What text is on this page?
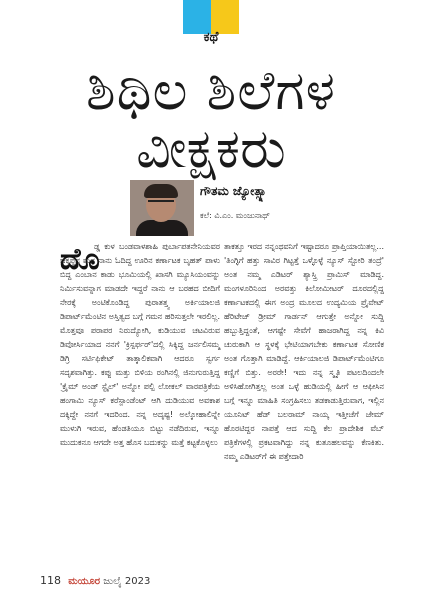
ಕಥೆ
ಶಿಥಿಲ ಶಿಲೆಗಳ
ವೀಕ್ಷಕರು
ಗೌತಮ ಜ್ಯೋತ್ಸ್ನಾ
ಕಲೆ: ವಿ.ಎಂ. ಮಂಜುನಾಥ್
ದೊ

ಡ್ಡ ಕುಳ ಬಂಡವಾಳಶಾಹಿ ಪುರ್ಬಾಪತನೇನಿಯವರ ಚಿಕ್ಕಪ್ಪನ ಮಗ ನಾನು ಓದಿದ್ದ ಊರಿನ ಕರ್ಣಾಟಕ ಬೃಹತ್ ಪಾಳು ಬಿದ್ದ ಎಂಬಾನ ಕಾಡು ಭೂಮಿಯಲ್ಲಿ ಖಾಸಗಿ ಮ್ಯೂಸಿಯಂವನ್ನು ನಿರ್ಮಿಸುವನ್ನಾಗ ಮಾಡದೇ ಇದ್ದರೆ ನಾನು ಆ ಬರಹದ ಬೀದಿಗೆ ನೇರಕ್ಕೆ ಅಂಟಿಕೊಂಡಿದ್ದ ಪುರಾತತ್ತ್ವ ಅರ್ಕಿಯಾಲಜಿ ಡಿಪಾರ್ಟ್‌ಮೆಂಟಿನ ಅಸ್ತಿತ್ವದ ಬಗ್ಗೆ ಗಮನ ಹರಿಸುತ್ತಲೇ ಇರಲಿಲ್ಲ. ಮೊತ್ತವೂ ಪರಾಪರ ನಿರುದ್ಯೋಗಿ, ಕುಡಿಯುವ ಚಟವಿರುವ ಡಿವೋರ್ಸಿಯಾದ ನನಗೆ 'ಕ್ರಿಸ್ಪರ್ಫರ್'ದಲ್ಲಿ ಸಿಕ್ಕಿದ್ದ ಜರ್ನಲಿಸಮ್ಮ ಡಿಗ್ರಿ ಸರ್ಟಿಫಿಕೇಟ್ ತಾತ್ಕಾಲಿಕವಾಗಿ ಆದರೂ ಸ್ವರ್ಗ ಸದೃಶವಾಗಿತ್ತು. ಕಪ್ಪು ಮತ್ತು ಬಿಳಿಯ ರಂಗಿನಲ್ಲಿ ಜಿನುಗುರುತ್ತಿದ್ದ 'ಕ್ರೈಮ್ ಅಂಡ್ ಸ್ಟೈಲ್' ಅನ್ನೋ ಪಲ್ಪಿ ಲೋಕಲ್ ವಾರಪತ್ರಿಕೆಯ ಹಂಗಾಮಿ ನ್ಯೂಸ್ ಕರೆಸ್ಪಾಂಡೆಂಟ್ ಆಗಿ ದುಡಿಯುವ ಅವಕಾಶ ದಕ್ಕಿದ್ದೇ ನನಗೆ ಇದರಿಂದ. ನನ್ನ ಅದೃಷ್ಟ! ಅಲ್ಕೋಹಾಲಿನ್ನೇ ಮುಳುಗಿ ಇರುವ, ಹೆಂಡತಿಯೂ ಬಿಟ್ಟು ನಡೆದಿರುವ, ಇನ್ನೂ ಮುದುಕನೂ ಆಗದೇ ಅತ್ತ ಹೊಸ ಬದುಕನ್ನು ಮತ್ತೆ ಕಟ್ಟಕೊಳ್ಳಲು

ತಾಕತ್ತೂ ಇರದ ನನ್ನಂಥವನಿಗೆ ಇಷ್ಟಾದರೂ ಪ್ರಾಪ್ತಿಯಾಯಿತಲ್ಲ... 'ತಿಂಗ್ಳಿಗೆ ಹತ್ತು ಸಾವಿರ ಗಿಟ್ಟತ್ತೆ ಒಳ್ಳೊಳ್ಳೆ ನ್ಯೂಸ್ ಸ್ಟೋರಿ ತಂದ್ರೆ' ಅಂತ ನಮ್ಮ ಎಡಿಟರ್ ಶ್ಯಾಸ್ತ್ರಿ ಪ್ರಾಮಿಸ್ ಮಾಡಿದ್ದ. ಮಂಗಳೂರಿನಿಂದ ಅರವತ್ತು ಕಿಲೋಮೀಟರ್ ದೂರದಲ್ಲಿದ್ದ ಕರ್ಣಾಟಕದಲ್ಲಿ ಈಗ ಅಂದ್ರ ಮೂಲದ ಉದ್ಯಮಿಯ ಪ್ರೈವೇಟ್ ಹೆರಿಟೇಜ್ ಡ್ರೀಮ್ ಗಾರ್ಡನ್ ಆಗುತ್ತೇ ಅನ್ನೋ ಸುದ್ದಿ ಹಬ್ಬುತ್ತಿದ್ದಂತೆ, ಆಗಷ್ಟೇ ಸೇವೆಗೆ ಹಾಜರಾಗಿದ್ದ ನನ್ನ ಕಿವಿ ಚುರುಕಾಗಿ ಆ ಸ್ಥಳಕ್ಕೆ ಭೇಟಿಯಾಗಬೇಕು ಕರ್ಣಾಟಕ ಸೋಣಿಕ ಅಂತ ಗೊತ್ತಾಗಿ ಮಾಡಿದ್ದೆ. ಆರ್ಕಿಯಾಲಜಿ ಡಿಪಾರ್ಟ್‌ಮೆಂಟಿಗೂ ಕಣ್ಣಿಗೆ ಬಿತ್ತು. ಅರರೇ! ಇದು ನನ್ನ ಸ್ಮೃತಿ ಪಟಲದಿಂದಲೇ ಅಳಿಸಿಹೋಗಿತ್ತಲ್ಲ ಅಂತ ಒಳ್ಳೆ ಹುಡಿಯಲ್ಲಿ ಹೀಗೆ ಆ ಆಫೀಸಿನ ಬಗ್ಗೆ ಇನ್ನೂ ಮಾಹಿತಿ ಸಂಗ್ರಹಿಸಲು ತಡಕಾಡುತ್ತಿರುವಾಗ, ಇಲ್ಲಿನ ಯೂನಿಟ್ ಹೆಡ್ ಬಲರಾಮ್ ನಾಯ್ಕ ಇತ್ತೀಚೆಗೆ ಜೇಮ್ ಹೊರಟಿದ್ದರ ನಾಪತ್ತೆ ಆದ ಸುದ್ದಿ ಕೆಲ ಪ್ರಾದೇಶಿಕ ವೆಬ್ ಪತ್ರಿಕೆಗಳಲ್ಲಿ ಪ್ರಕಟವಾಗಿದ್ದು ನನ್ನ ಕುತೂಹಲವನ್ನು ಕೆಣಕಿತು. ನಮ್ಮ ಎಡಿಟರ್‌ಗೆ ಈ ಪತ್ತೇದಾರಿ

118 ಮಯೂರ ಜುಲೈ 2023
